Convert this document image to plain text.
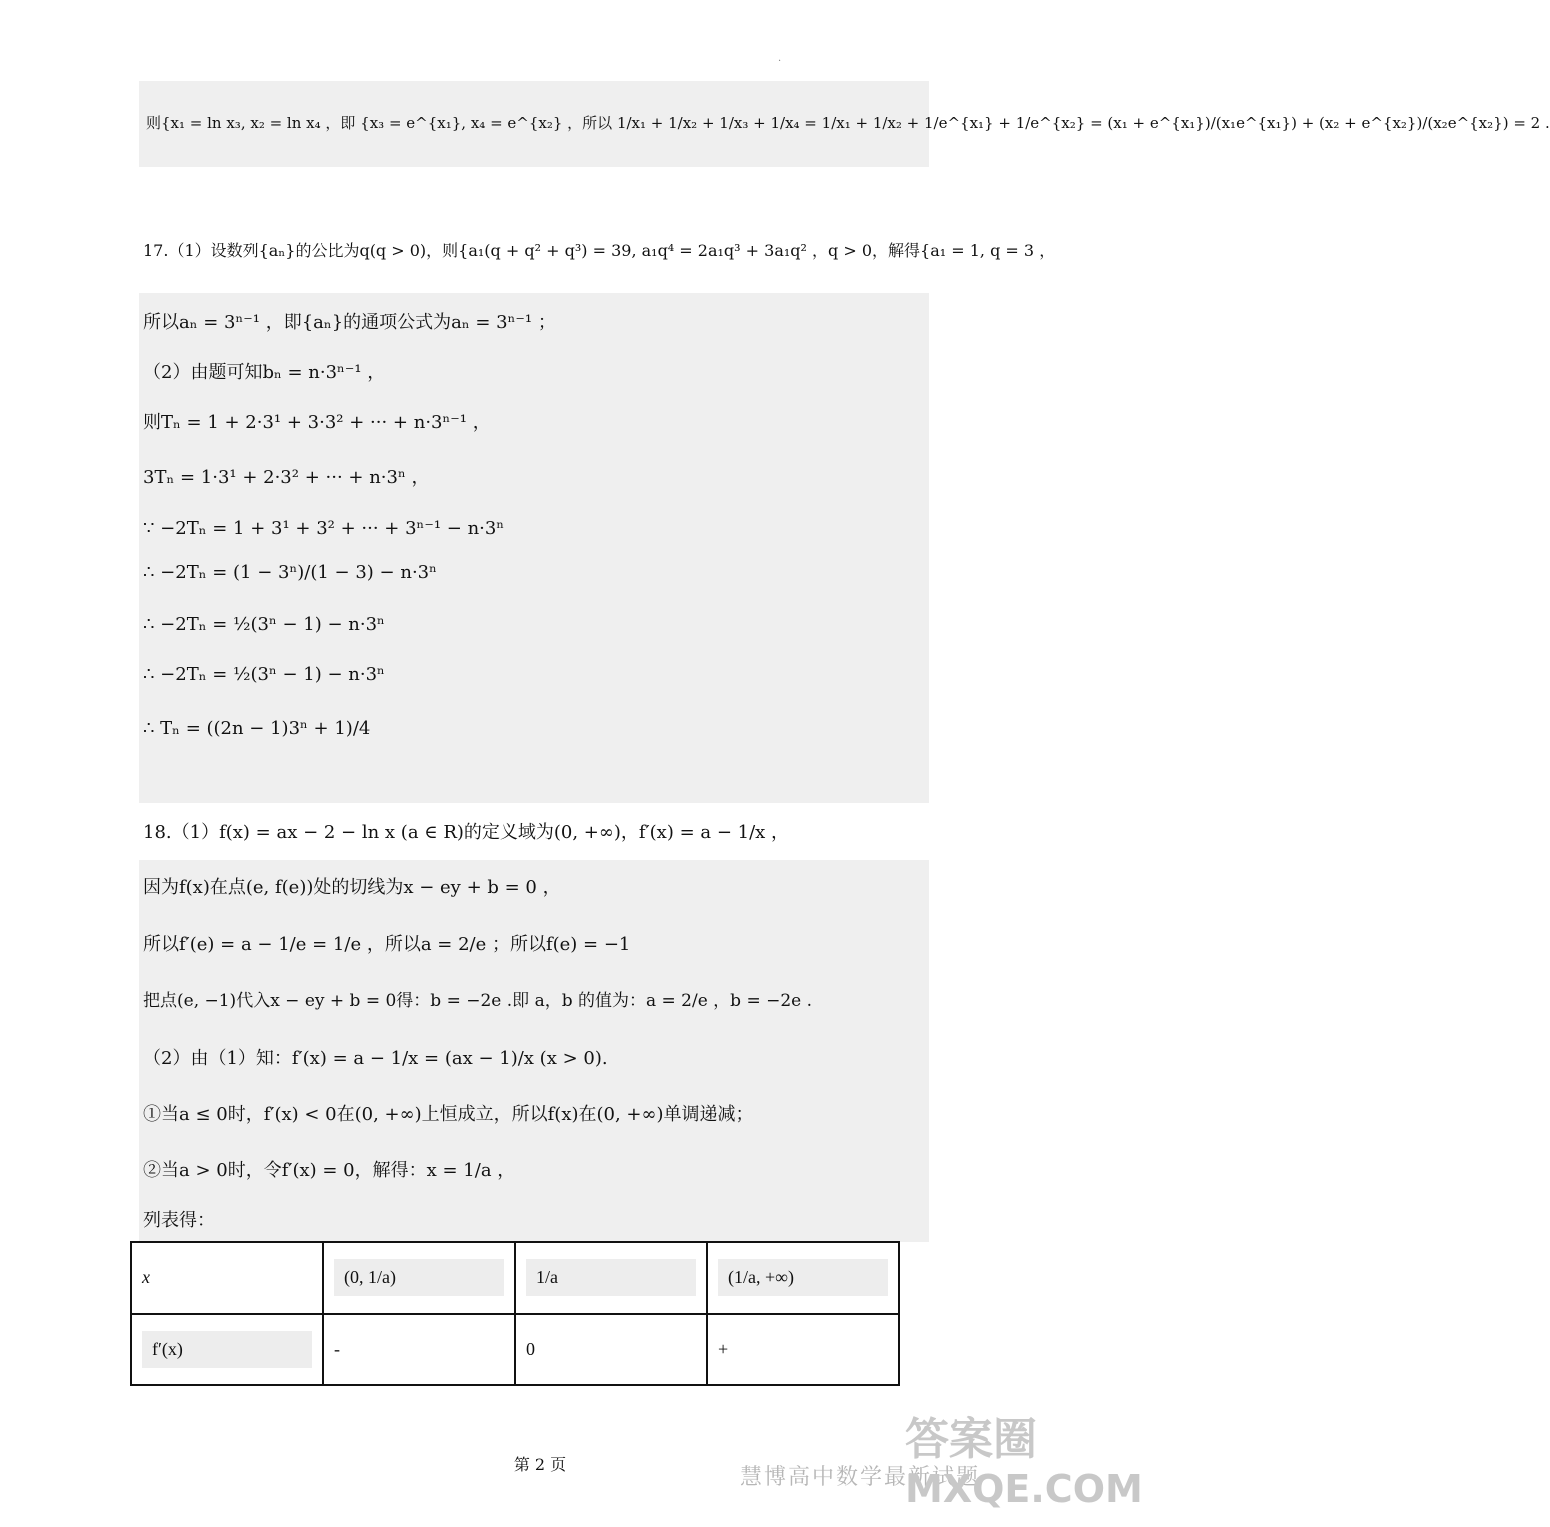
·
则{x₁ = ln x₃, x₂ = ln x₄ ，即 {x₃ = e^{x₁}, x₄ = e^{x₂} ，所以 1/x₁ + 1/x₂ + 1/x₃ + 1/x₄ = 1/x₁ + 1/x₂ + 1/e^{x₁} + 1/e^{x₂} = (x₁ + e^{x₁})/(x₁e^{x₁}) + (x₂ + e^{x₂})/(x₂e^{x₂}) = 2 .
17.（1）设数列{aₙ}的公比为q(q > 0)，则{a₁(q + q² + q³) = 39, a₁q⁴ = 2a₁q³ + 3a₁q² ，q > 0，解得{a₁ = 1, q = 3 ，
所以aₙ = 3ⁿ⁻¹ ，即{aₙ}的通项公式为aₙ = 3ⁿ⁻¹ ；
（2）由题可知bₙ = n·3ⁿ⁻¹ ，
则Tₙ = 1 + 2·3¹ + 3·3² + ··· + n·3ⁿ⁻¹ ，
3Tₙ = 1·3¹ + 2·3² + ··· + n·3ⁿ ，
∵ −2Tₙ = 1 + 3¹ + 3² + ··· + 3ⁿ⁻¹ − n·3ⁿ
∴ −2Tₙ = (1 − 3ⁿ)/(1 − 3) − n·3ⁿ
∴ −2Tₙ = ½(3ⁿ − 1) − n·3ⁿ
∴ −2Tₙ = ½(3ⁿ − 1) − n·3ⁿ
∴ Tₙ = ((2n − 1)3ⁿ + 1)/4
18.（1）f(x) = ax − 2 − ln x (a ∈ R)的定义域为(0, +∞)，f′(x) = a − 1/x ，
因为f(x)在点(e, f(e))处的切线为x − ey + b = 0 ，
所以f′(e) = a − 1/e = 1/e ，所以a = 2/e ；所以f(e) = −1
把点(e, −1)代入x − ey + b = 0得：b = −2e .即 a，b 的值为：a = 2/e ，b = −2e .
（2）由（1）知：f′(x) = a − 1/x = (ax − 1)/x (x > 0).
①当a ≤ 0时，f′(x) < 0在(0, +∞)上恒成立，所以f(x)在(0, +∞)单调递减；
②当a > 0时，令f′(x) = 0，解得：x = 1/a ，
列表得：
x	(0, 1/a)	1/a	(1/a, +∞)
f′(x)	-	0	+
第 2 页
慧博高中数学最新试题
答案圈
MXQE.COM
